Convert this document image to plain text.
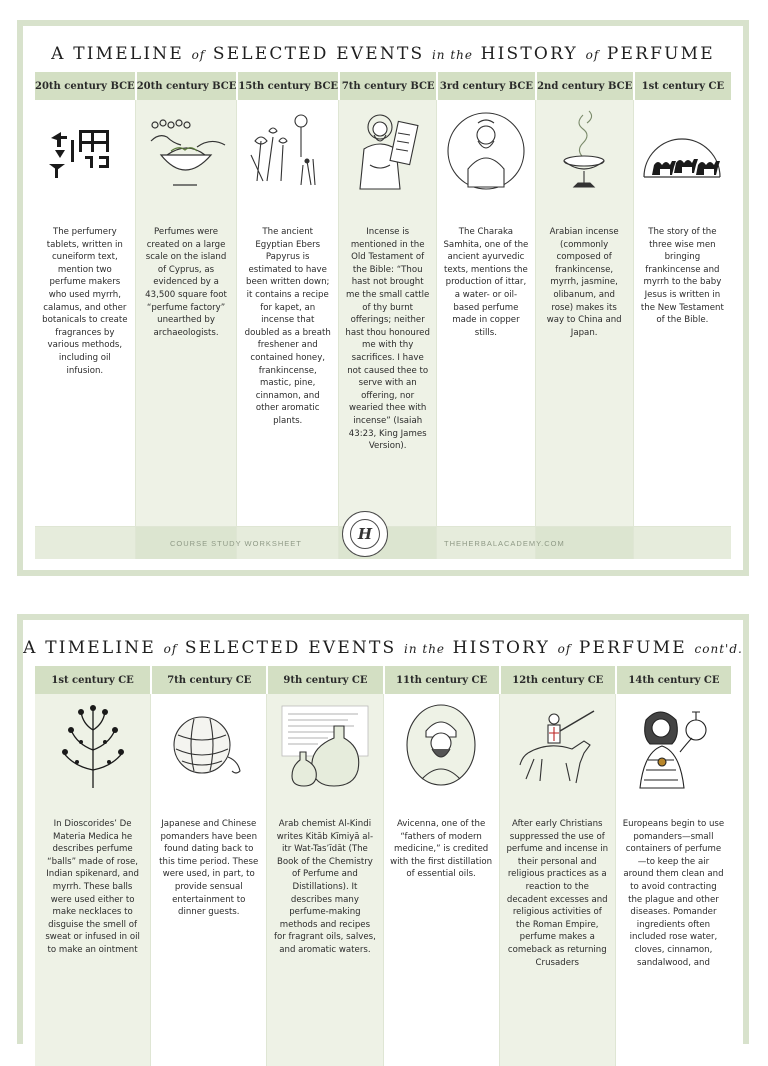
A TIMELINE of SELECTED EVENTS in the HISTORY of PERFUME
20th century BCE
The perfumery tablets, written in cuneiform text, mention two perfume makers who used myrrh, calamus, and other botanicals to create fragrances by various methods, including oil infusion.
20th century BCE
Perfumes were created on a large scale on the island of Cyprus, as evidenced by a 43,500 square foot “perfume factory” unearthed by archaeologists.
15th century BCE
The ancient Egyptian Ebers Papyrus is estimated to have been written down; it contains a recipe for kapet, an incense that doubled as a breath freshener and contained honey, frankincense, mastic, pine, cinnamon, and other aromatic plants.
7th century BCE
Incense is mentioned in the Old Testament of the Bible: “Thou hast not brought me the small cattle of thy burnt offerings; neither hast thou honoured me with thy sacrifices. I have not caused thee to serve with an offering, nor wearied thee with incense” (Isaiah 43:23, King James Version).
3rd century BCE
The Charaka Samhita, one of the ancient ayurvedic texts, mentions the production of ittar, a water- or oil-based perfume made in copper stills.
2nd century BCE
Arabian incense (commonly composed of frankincense, myrrh, jasmine, olibanum, and rose) makes its way to China and Japan.
1st century CE
The story of the three wise men bringing frankincense and myrrh to the baby Jesus is written in the New Testament of the Bible.
COURSE STUDY WORKSHEET	THEHERBALACADEMY.COM
H
A TIMELINE of SELECTED EVENTS in the HISTORY of PERFUME cont'd.
1st century CE
In Dioscorides’ De Materia Medica he describes perfume “balls” made of rose, Indian spikenard, and myrrh. These balls were used either to make necklaces to disguise the smell of sweat or infused in oil to make an ointment
7th century CE
Japanese and Chinese pomanders have been found dating back to this time period. These were used, in part, to provide sensual entertainment to dinner guests.
9th century CE
Arab chemist Al-Kindi writes Kitāb Kīmiyā al-itr Wat-Tas’īdāt (The Book of the Chemistry of Perfume and Distillations). It describes many perfume-making methods and recipes for fragrant oils, salves, and aromatic waters.
11th century CE
Avicenna, one of the “fathers of modern medicine,” is credited with the first distillation of essential oils.
12th century CE
After early Christians suppressed the use of perfume and incense in their personal and religious practices as a reaction to the decadent excesses and religious activities of the Roman Empire, perfume makes a comeback as returning Crusaders
14th century CE
Europeans begin to use pomanders—small containers of perfume—to keep the air around them clean and to avoid contracting the plague and other diseases. Pomander ingredients often included rose water, cloves, cinnamon, sandalwood, and
